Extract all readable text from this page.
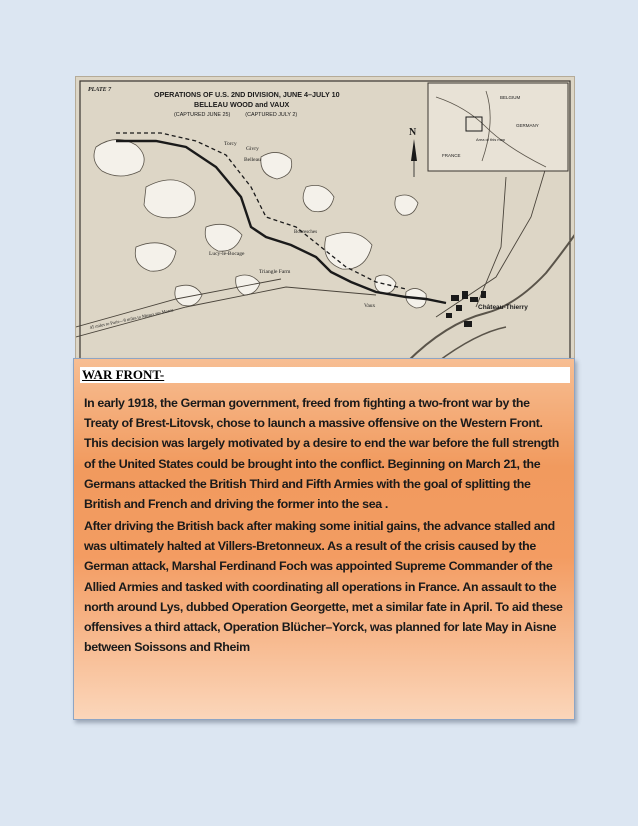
PLATE 7	OPERATIONS OF U.S. 2ND DIVISION, JUNE 4–JULY 10
BELLEAU WOOD and VAUX
(CAPTURED JUNE 25)          (CAPTURED JULY 2)
N
Torcy
Givry
Belleau
Lucy-le-Bocage
Triangle Farm
Vaux	Château-Thierry
Bouresches
BELGIUM
GERMANY
FRANCE
Area of this map
45 miles to Paris—8 miles to Meaux sur Marne
WAR FRONT-

In early 1918, the German government, freed from fighting a two-front war by the Treaty of Brest-Litovsk, chose to launch a massive offensive on the Western Front. This decision was largely motivated by a desire to end the war before the full strength of the United States could be brought into the conflict. Beginning on March 21, the Germans attacked the British Third and Fifth Armies with the goal of splitting the British and French and driving the former into the sea .

After driving the British back after making some initial gains, the advance stalled and was ultimately halted at Villers-Bretonneux. As a result of the crisis caused by the German attack, Marshal Ferdinand Foch was appointed Supreme Commander of the Allied Armies and tasked with coordinating all operations in France. An assault to the north around Lys, dubbed Operation Georgette, met a similar fate in April. To aid these offensives a third attack, Operation Blücher–Yorck, was planned for late May in Aisne between Soissons and Rheim
